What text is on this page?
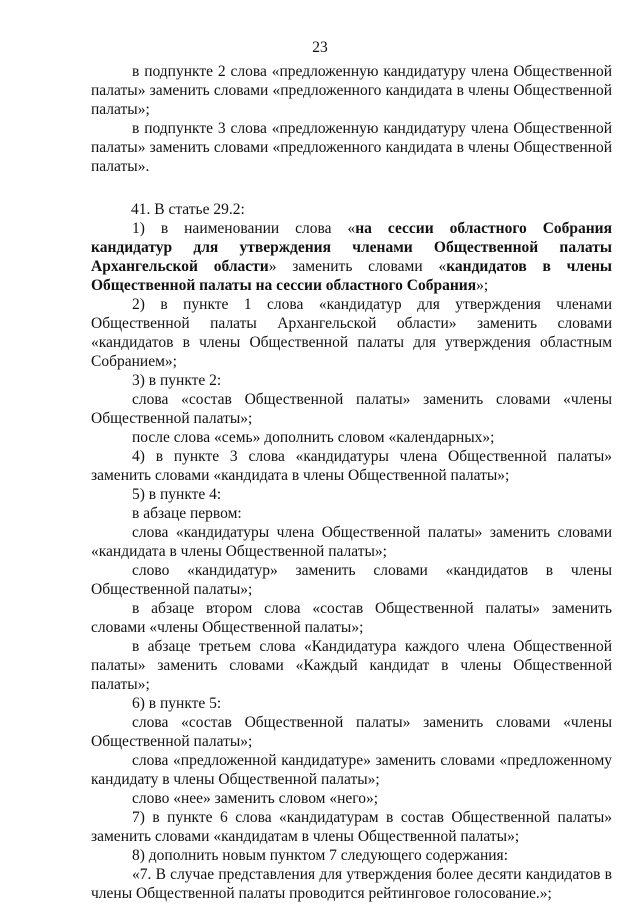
23

в подпункте 2 слова «предложенную кандидатуру члена Общественной палаты» заменить словами «предложенного кандидата в члены Общественной палаты»;

в подпункте 3 слова «предложенную кандидатуру члена Общественной палаты» заменить словами «предложенного кандидата в члены Общественной палаты».

41. В статье 29.2:

1) в наименовании слова «на сессии областного Собрания кандидатур для утверждения членами Общественной палаты Архангельской области» заменить словами «кандидатов в члены Общественной палаты на сессии областного Собрания»;

2) в пункте 1 слова «кандидатур для утверждения членами Общественной палаты Архангельской области» заменить словами «кандидатов в члены Общественной палаты для утверждения областным Собранием»;

3) в пункте 2:

слова «состав Общественной палаты» заменить словами «члены Общественной палаты»;

после слова «семь» дополнить словом «календарных»;

4) в пункте 3 слова «кандидатуры члена Общественной палаты» заменить словами «кандидата в члены Общественной палаты»;

5) в пункте 4:

в абзаце первом:

слова «кандидатуры члена Общественной палаты» заменить словами «кандидата в члены Общественной палаты»;

слово «кандидатур» заменить словами «кандидатов в члены Общественной палаты»;

в абзаце втором слова «состав Общественной палаты» заменить словами «члены Общественной палаты»;

в абзаце третьем слова «Кандидатура каждого члена Общественной палаты» заменить словами «Каждый кандидат в члены Общественной палаты»;

6) в пункте 5:

слова «состав Общественной палаты» заменить словами «члены Общественной палаты»;

слова «предложенной кандидатуре» заменить словами «предложенному кандидату в члены Общественной палаты»;

слово «нее» заменить словом «него»;

7) в пункте 6 слова «кандидатурам в состав Общественной палаты» заменить словами «кандидатам в члены Общественной палаты»;

8) дополнить новым пунктом 7 следующего содержания:

«7. В случае представления для утверждения более десяти кандидатов в члены Общественной палаты проводится рейтинговое голосование.»;
